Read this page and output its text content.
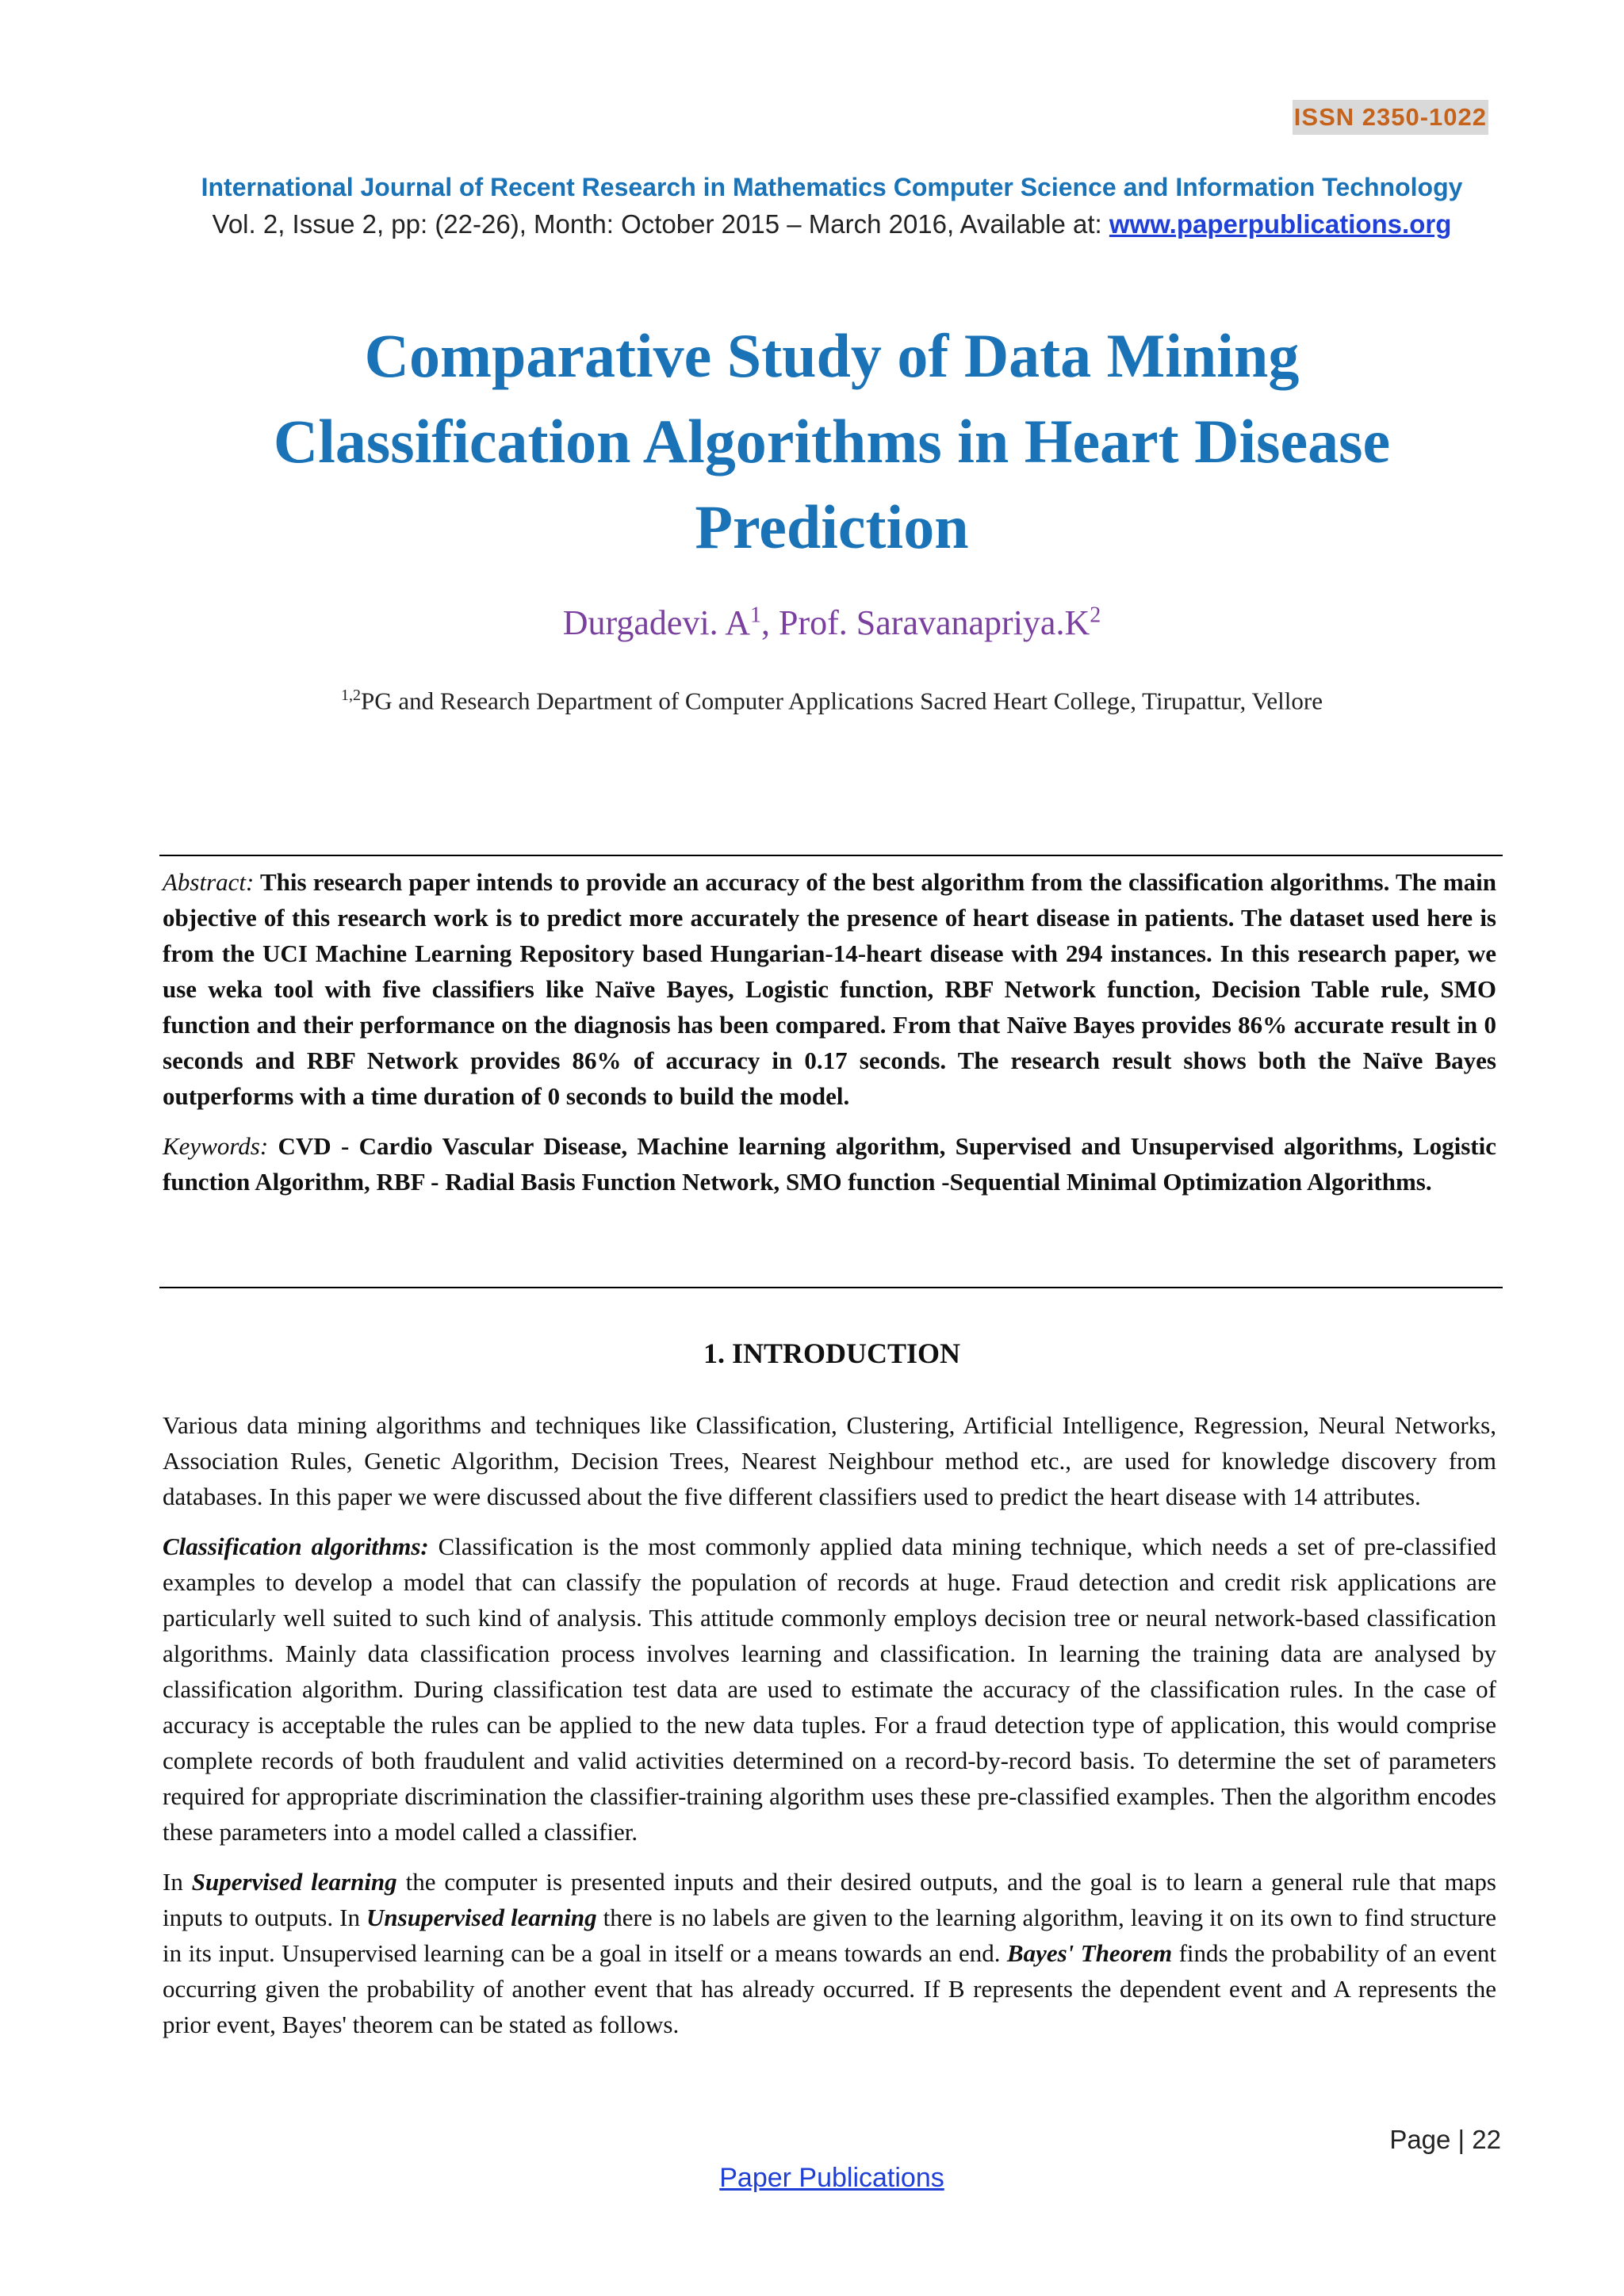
ISSN 2350-1022
International Journal of Recent Research in Mathematics Computer Science and Information Technology
Vol. 2, Issue 2, pp: (22-26), Month: October 2015 – March 2016, Available at: www.paperpublications.org
Comparative Study of Data Mining
Classification Algorithms in Heart Disease
Prediction
Durgadevi. $A^1$, Prof. $Saravanapriya.K^2$
$^{1,2}$PG and Research Department of Computer Applications Sacred Heart College, Tirupattur, Vellore

Abstract: This research paper intends to provide an accuracy of the best algorithm from the classification algorithms. The main objective of this research work is to predict more accurately the presence of heart disease in patients. The dataset used here is from the UCI Machine Learning Repository based Hungarian-14-heart disease with 294 instances. In this research paper, we use weka tool with five classifiers like Naïve Bayes, Logistic function, RBF Network function, Decision Table rule, SMO function and their performance on the diagnosis has been compared. From that Naïve Bayes provides 86% accurate result in 0 seconds and RBF Network provides 86% of accuracy in 0.17 seconds. The research result shows both the Naïve Bayes outperforms with a time duration of 0 seconds to build the model.

Keywords: CVD - Cardio Vascular Disease, Machine learning algorithm, Supervised and Unsupervised algorithms, Logistic function Algorithm, RBF - Radial Basis Function Network, SMO function -Sequential Minimal Optimization Algorithms.

1. INTRODUCTION

Various data mining algorithms and techniques like Classification, Clustering, Artificial Intelligence, Regression, Neural Networks, Association Rules, Genetic Algorithm, Decision Trees, Nearest Neighbour method etc., are used for knowledge discovery from databases. In this paper we were discussed about the five different classifiers used to predict the heart disease with 14 attributes.

Classification algorithms: Classification is the most commonly applied data mining technique, which needs a set of pre-classified examples to develop a model that can classify the population of records at huge. Fraud detection and credit risk applications are particularly well suited to such kind of analysis. This attitude commonly employs decision tree or neural network-based classification algorithms. Mainly data classification process involves learning and classification. In learning the training data are analysed by classification algorithm. During classification test data are used to estimate the accuracy of the classification rules. In the case of accuracy is acceptable the rules can be applied to the new data tuples. For a fraud detection type of application, this would comprise complete records of both fraudulent and valid activities determined on a record-by-record basis. To determine the set of parameters required for appropriate discrimination the classifier-training algorithm uses these pre-classified examples. Then the algorithm encodes these parameters into a model called a classifier.

In Supervised learning the computer is presented inputs and their desired outputs, and the goal is to learn a general rule that maps inputs to outputs. In Unsupervised learning there is no labels are given to the learning algorithm, leaving it on its own to find structure in its input. Unsupervised learning can be a goal in itself or a means towards an end. Bayes' Theorem finds the probability of an event occurring given the probability of another event that has already occurred. If B represents the dependent event and A represents the prior event, Bayes' theorem can be stated as follows.

Page | 22
Paper Publications
